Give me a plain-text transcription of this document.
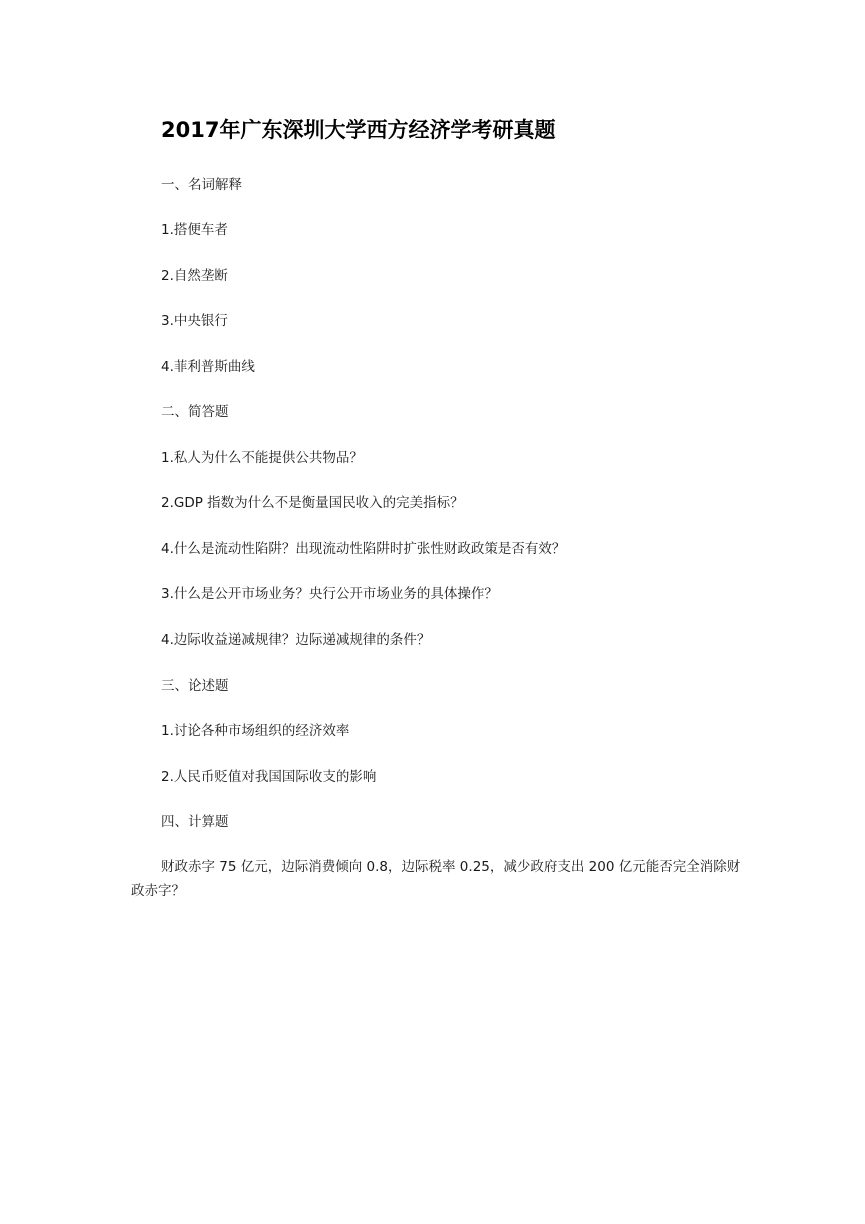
2017年广东深圳大学西方经济学考研真题
一、名词解释
1.搭便车者
2.自然垄断
3.中央银行
4.菲利普斯曲线
二、简答题
1.私人为什么不能提供公共物品？
2.GDP 指数为什么不是衡量国民收入的完美指标？
4.什么是流动性陷阱？出现流动性陷阱时扩张性财政政策是否有效？
3.什么是公开市场业务？央行公开市场业务的具体操作？
4.边际收益递减规律？边际递减规律的条件？
三、论述题
1.讨论各种市场组织的经济效率
2.人民币贬值对我国国际收支的影响
四、计算题
财政赤字 75 亿元，边际消费倾向 0.8，边际税率 0.25，减少政府支出 200 亿元能否完全消除财政赤字？
